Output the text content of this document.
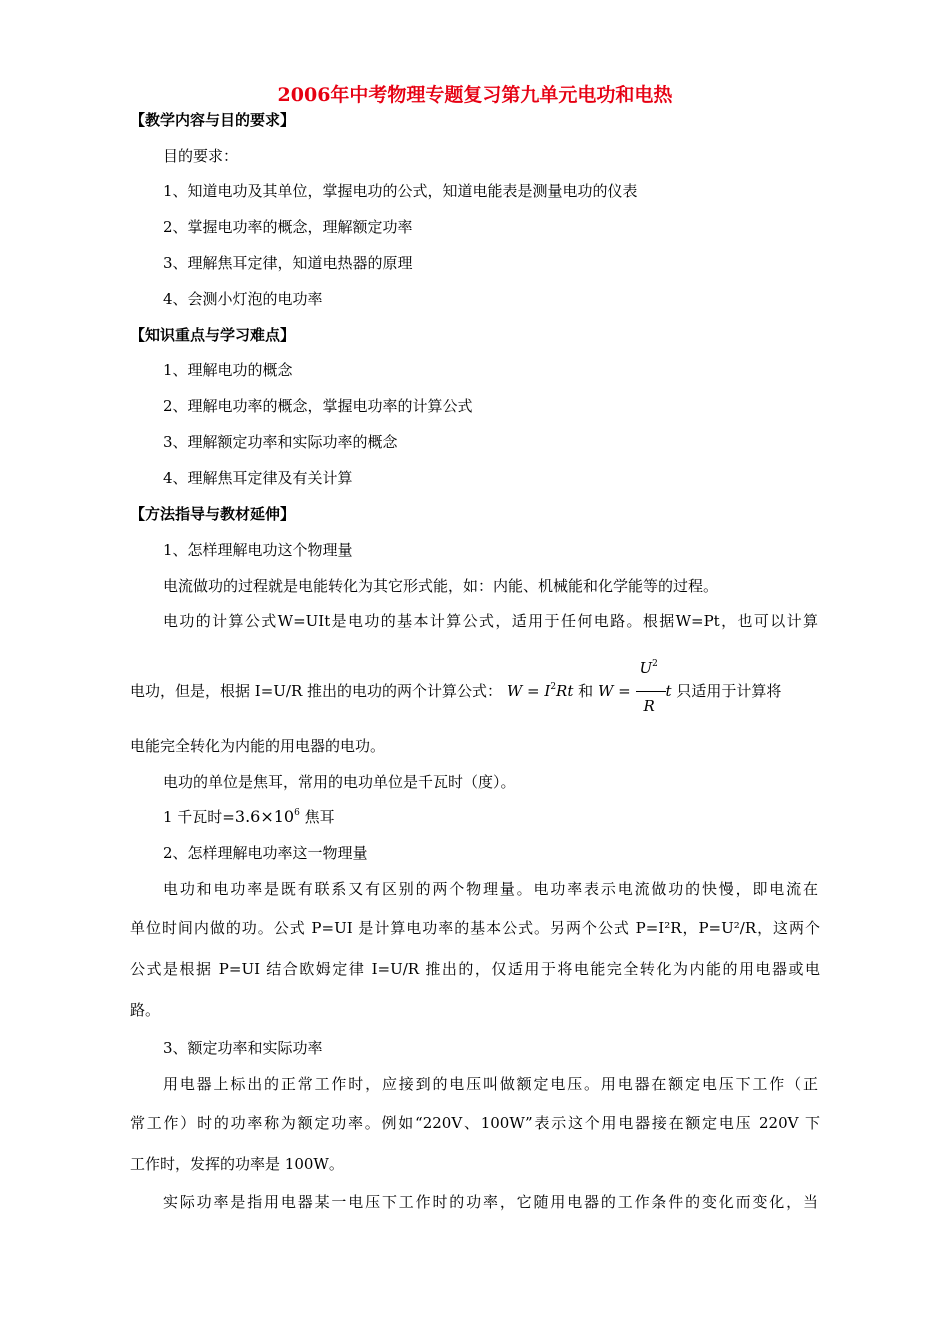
2006年中考物理专题复习第九单元电功和电热
【教学内容与目的要求】
目的要求：
1、知道电功及其单位，掌握电功的公式，知道电能表是测量电功的仪表
2、掌握电功率的概念，理解额定功率
3、理解焦耳定律，知道电热器的原理
4、会测小灯泡的电功率
【知识重点与学习难点】
1、理解电功的概念
2、理解电功率的概念，掌握电功率的计算公式
3、理解额定功率和实际功率的概念
4、理解焦耳定律及有关计算
【方法指导与教材延伸】
1、怎样理解电功这个物理量
电流做功的过程就是电能转化为其它形式能，如：内能、机械能和化学能等的过程。
电功的计算公式W=UIt是电功的基本计算公式，适用于任何电路。根据W=Pt，也可以计算
电功，但是，根据 I=U/R 推出的电功的两个计算公式： $W = I^2Rt$ 和 $W = \frac{U^2}{R}$ t 只适用于计算将
电能完全转化为内能的用电器的电功。
电功的单位是焦耳，常用的电功单位是千瓦时（度）。
1 千瓦时$=3.6\times 10^6$ 焦耳
2、怎样理解电功率这一物理量
电功和电功率是既有联系又有区别的两个物理量。电功率表示电流做功的快慢，即电流在
单位时间内做的功。公式 P=UI 是计算电功率的基本公式。另两个公式 P=I²R，P=U²/R，这两个
公式是根据 P=UI 结合欧姆定律 I=U/R 推出的，仅适用于将电能完全转化为内能的用电器或电
路。
3、额定功率和实际功率
用电器上标出的正常工作时，应接到的电压叫做额定电压。用电器在额定电压下工作（正
常工作）时的功率称为额定功率。例如“220V、100W”表示这个用电器接在额定电压 220V 下
工作时，发挥的功率是 100W。
实际功率是指用电器某一电压下工作时的功率，它随用电器的工作条件的变化而变化，当
